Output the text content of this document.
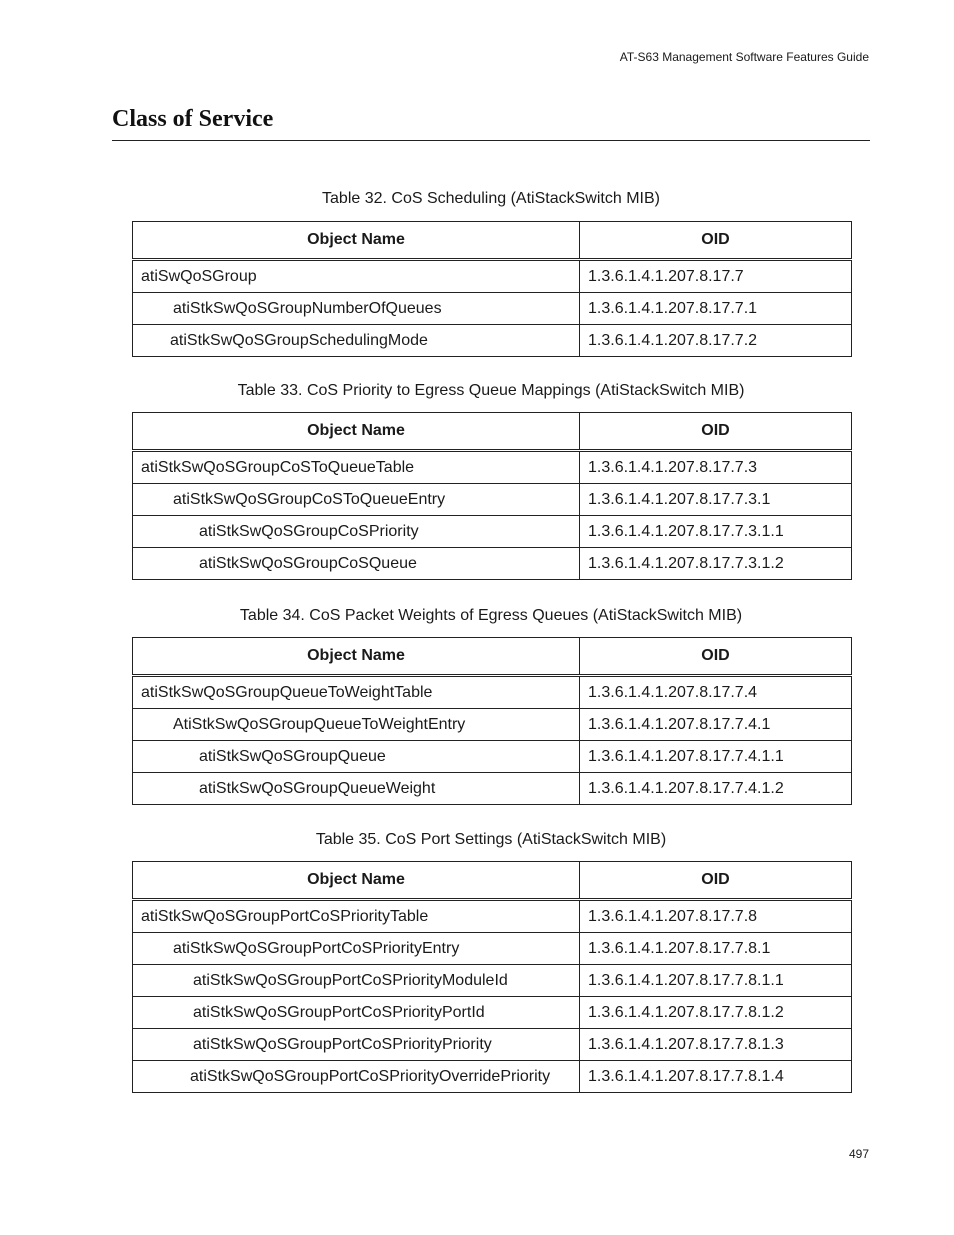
AT-S63 Management Software Features Guide
Class of Service
Table 32. CoS Scheduling (AtiStackSwitch MIB)
Object Name	OID
atiSwQoSGroup	1.3.6.1.4.1.207.8.17.7
atiStkSwQoSGroupNumberOfQueues	1.3.6.1.4.1.207.8.17.7.1
atiStkSwQoSGroupSchedulingMode	1.3.6.1.4.1.207.8.17.7.2
Table 33. CoS Priority to Egress Queue Mappings (AtiStackSwitch MIB)
Object Name	OID
atiStkSwQoSGroupCoSToQueueTable	1.3.6.1.4.1.207.8.17.7.3
atiStkSwQoSGroupCoSToQueueEntry	1.3.6.1.4.1.207.8.17.7.3.1
atiStkSwQoSGroupCoSPriority	1.3.6.1.4.1.207.8.17.7.3.1.1
atiStkSwQoSGroupCoSQueue	1.3.6.1.4.1.207.8.17.7.3.1.2
Table 34. CoS Packet Weights of Egress Queues (AtiStackSwitch MIB)
Object Name	OID
atiStkSwQoSGroupQueueToWeightTable	1.3.6.1.4.1.207.8.17.7.4
AtiStkSwQoSGroupQueueToWeightEntry	1.3.6.1.4.1.207.8.17.7.4.1
atiStkSwQoSGroupQueue	1.3.6.1.4.1.207.8.17.7.4.1.1
atiStkSwQoSGroupQueueWeight	1.3.6.1.4.1.207.8.17.7.4.1.2
Table 35. CoS Port Settings (AtiStackSwitch MIB)
Object Name	OID
atiStkSwQoSGroupPortCoSPriorityTable	1.3.6.1.4.1.207.8.17.7.8
atiStkSwQoSGroupPortCoSPriorityEntry	1.3.6.1.4.1.207.8.17.7.8.1
atiStkSwQoSGroupPortCoSPriorityModuleId	1.3.6.1.4.1.207.8.17.7.8.1.1
atiStkSwQoSGroupPortCoSPriorityPortId	1.3.6.1.4.1.207.8.17.7.8.1.2
atiStkSwQoSGroupPortCoSPriorityPriority	1.3.6.1.4.1.207.8.17.7.8.1.3
atiStkSwQoSGroupPortCoSPriorityOverridePriority	1.3.6.1.4.1.207.8.17.7.8.1.4
497
